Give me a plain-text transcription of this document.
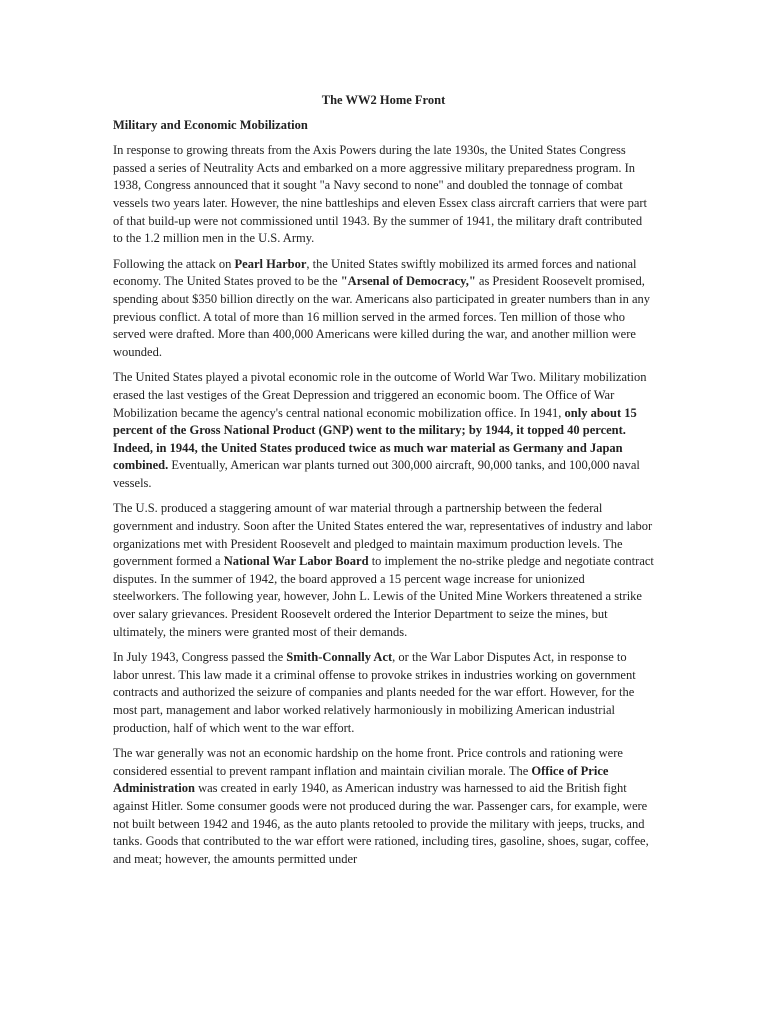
The WW2 Home Front
Military and Economic Mobilization

In response to growing threats from the Axis Powers during the late 1930s, the United States Congress passed a series of Neutrality Acts and embarked on a more aggressive military preparedness program. In 1938, Congress announced that it sought "a Navy second to none" and doubled the tonnage of combat vessels two years later. However, the nine battleships and eleven Essex class aircraft carriers that were part of that build-up were not commissioned until 1943. By the summer of 1941, the military draft contributed to the 1.2 million men in the U.S. Army.

Following the attack on Pearl Harbor, the United States swiftly mobilized its armed forces and national economy. The United States proved to be the "Arsenal of Democracy," as President Roosevelt promised, spending about $350 billion directly on the war. Americans also participated in greater numbers than in any previous conflict. A total of more than 16 million served in the armed forces. Ten million of those who served were drafted. More than 400,000 Americans were killed during the war, and another million were wounded.

The United States played a pivotal economic role in the outcome of World War Two. Military mobilization erased the last vestiges of the Great Depression and triggered an economic boom. The Office of War Mobilization became the agency's central national economic mobilization office. In 1941, only about 15 percent of the Gross National Product (GNP) went to the military; by 1944, it topped 40 percent. Indeed, in 1944, the United States produced twice as much war material as Germany and Japan combined. Eventually, American war plants turned out 300,000 aircraft, 90,000 tanks, and 100,000 naval vessels.

The U.S. produced a staggering amount of war material through a partnership between the federal government and industry. Soon after the United States entered the war, representatives of industry and labor organizations met with President Roosevelt and pledged to maintain maximum production levels. The government formed a National War Labor Board to implement the no-strike pledge and negotiate contract disputes. In the summer of 1942, the board approved a 15 percent wage increase for unionized steelworkers. The following year, however, John L. Lewis of the United Mine Workers threatened a strike over salary grievances. President Roosevelt ordered the Interior Department to seize the mines, but ultimately, the miners were granted most of their demands.

In July 1943, Congress passed the Smith-Connally Act, or the War Labor Disputes Act, in response to labor unrest. This law made it a criminal offense to provoke strikes in industries working on government contracts and authorized the seizure of companies and plants needed for the war effort. However, for the most part, management and labor worked relatively harmoniously in mobilizing American industrial production, half of which went to the war effort.

The war generally was not an economic hardship on the home front. Price controls and rationing were considered essential to prevent rampant inflation and maintain civilian morale. The Office of Price Administration was created in early 1940, as American industry was harnessed to aid the British fight against Hitler. Some consumer goods were not produced during the war. Passenger cars, for example, were not built between 1942 and 1946, as the auto plants retooled to provide the military with jeeps, trucks, and tanks. Goods that contributed to the war effort were rationed, including tires, gasoline, shoes, sugar, coffee, and meat; however, the amounts permitted under
